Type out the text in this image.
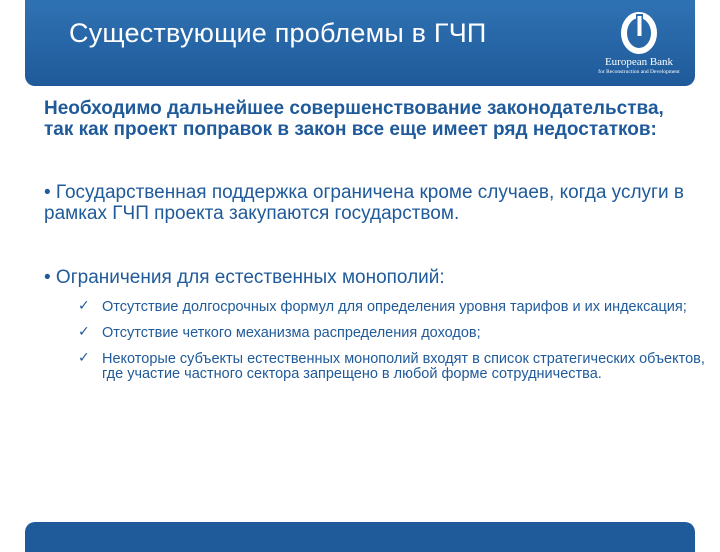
Существующие проблемы в ГЧП
European Bank
for Reconstruction and Development
Необходимо дальнейшее совершенствование законодательства, так как проект поправок в закон все еще имеет ряд недостатков:
• Государственная поддержка ограничена кроме случаев, когда услуги в рамках ГЧП проекта закупаются государством.
• Ограничения для естественных монополий:
✓ Отсутствие долгосрочных формул для определения уровня тарифов и их индексация;
✓ Отсутствие четкого механизма распределения доходов;
✓ Некоторые субъекты естественных монополий входят в список стратегических объектов, где участие частного сектора запрещено в любой форме сотрудничества.
